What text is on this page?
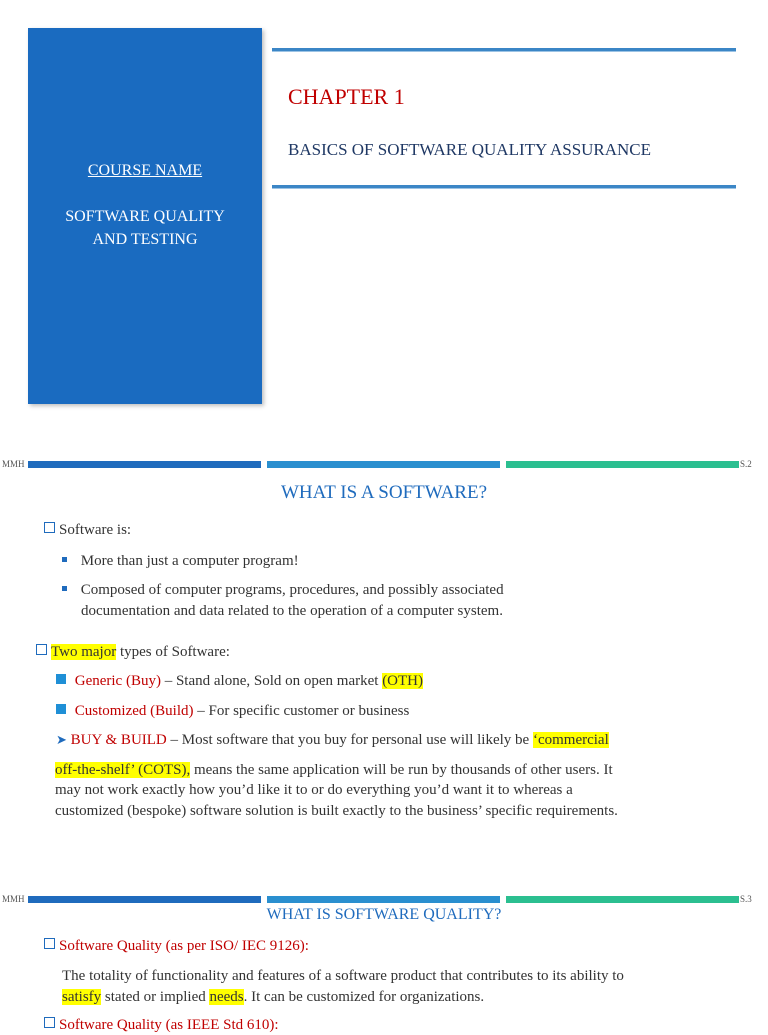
COURSE NAME
SOFTWARE QUALITY AND TESTING
CHAPTER 1
BASICS OF SOFTWARE QUALITY ASSURANCE
MMH	S.2
WHAT IS A SOFTWARE?
Software is:
More than just a computer program!
Composed of computer programs, procedures, and possibly associated
documentation and data related to the operation of a computer system.
Two major types of Software:
Generic (Buy) – Stand alone, Sold on open market (OTH)
Customized (Build) – For specific customer or business
➤ BUY & BUILD – Most software that you buy for personal use will likely be ‘commercial
off-the-shelf’ (COTS), means the same application will be run by thousands of other users. It
may not work exactly how you’d like it to or do everything you’d want it to whereas a
customized (bespoke) software solution is built exactly to the business’ specific requirements.
MMH	S.3
WHAT IS SOFTWARE QUALITY?
Software Quality (as per ISO/ IEC 9126):
The totality of functionality and features of a software product that contributes to its ability to
satisfy stated or implied needs. It can be customized for organizations.
Software Quality (as IEEE Std 610):
